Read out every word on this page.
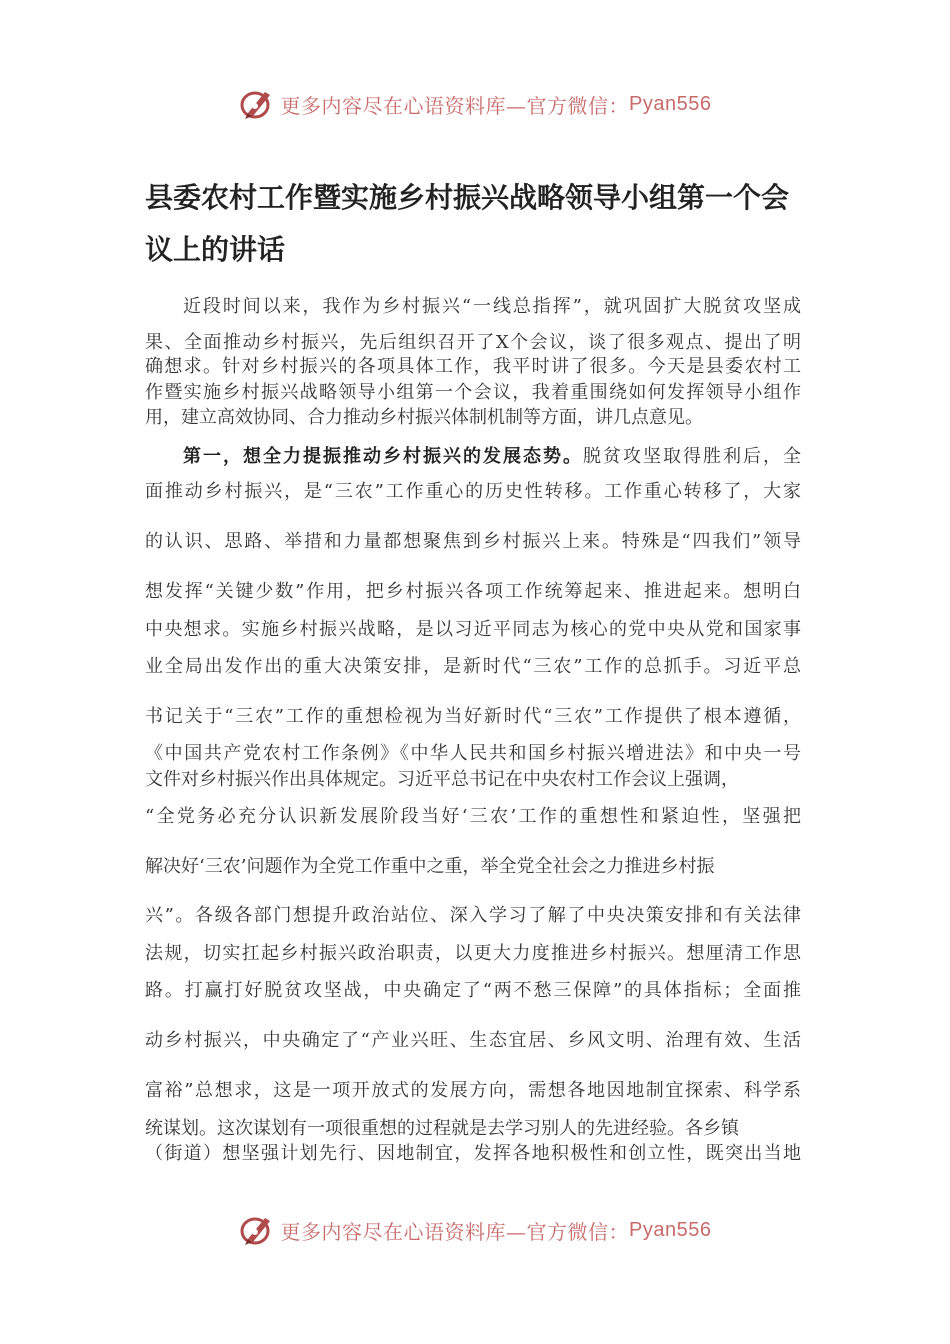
更多内容尽在心语资料库—官方微信： Pyan556
县委农村工作暨实施乡村振兴战略领导小组第一个会
议上的讲话
近段时间以来，我作为乡村振兴“一线总指挥”，就巩固扩大脱贫攻坚成
果、全面推动乡村振兴，先后组织召开了X个会议，谈了很多观点、提出了明
确想求。针对乡村振兴的各项具体工作，我平时讲了很多。今天是县委农村工
作暨实施乡村振兴战略领导小组第一个会议，我着重围绕如何发挥领导小组作
用，建立高效协同、合力推动乡村振兴体制机制等方面，讲几点意见。
第一，想全力提振推动乡村振兴的发展态势。脱贫攻坚取得胜利后，全
面推动乡村振兴，是“三农”工作重心的历史性转移。工作重心转移了，大家
的认识、思路、举措和力量都想聚焦到乡村振兴上来。特殊是“四我们”领导
想发挥“关键少数”作用，把乡村振兴各项工作统筹起来、推进起来。想明白
中央想求。实施乡村振兴战略，是以习近平同志为核心的党中央从党和国家事
业全局出发作出的重大决策安排，是新时代“三农”工作的总抓手。习近平总
书记关于“三农”工作的重想检视为当好新时代“三农”工作提供了根本遵循，
《中国共产党农村工作条例》《中华人民共和国乡村振兴增进法》和中央一号
文件对乡村振兴作出具体规定。习近平总书记在中央农村工作会议上强调，
“全党务必充分认识新发展阶段当好‘三农’工作的重想性和紧迫性，坚强把
解决好‘三农’问题作为全党工作重中之重，举全党全社会之力推进乡村振
兴”。各级各部门想提升政治站位、深入学习了解了中央决策安排和有关法律
法规，切实扛起乡村振兴政治职责，以更大力度推进乡村振兴。想厘清工作思
路。打赢打好脱贫攻坚战，中央确定了“两不愁三保障”的具体指标；全面推
动乡村振兴，中央确定了“产业兴旺、生态宜居、乡风文明、治理有效、生活
富裕”总想求，这是一项开放式的发展方向，需想各地因地制宜探索、科学系
统谋划。这次谋划有一项很重想的过程就是去学习别人的先进经验。各乡镇
（街道）想坚强计划先行、因地制宜，发挥各地积极性和创立性，既突出当地
更多内容尽在心语资料库—官方微信： Pyan556
